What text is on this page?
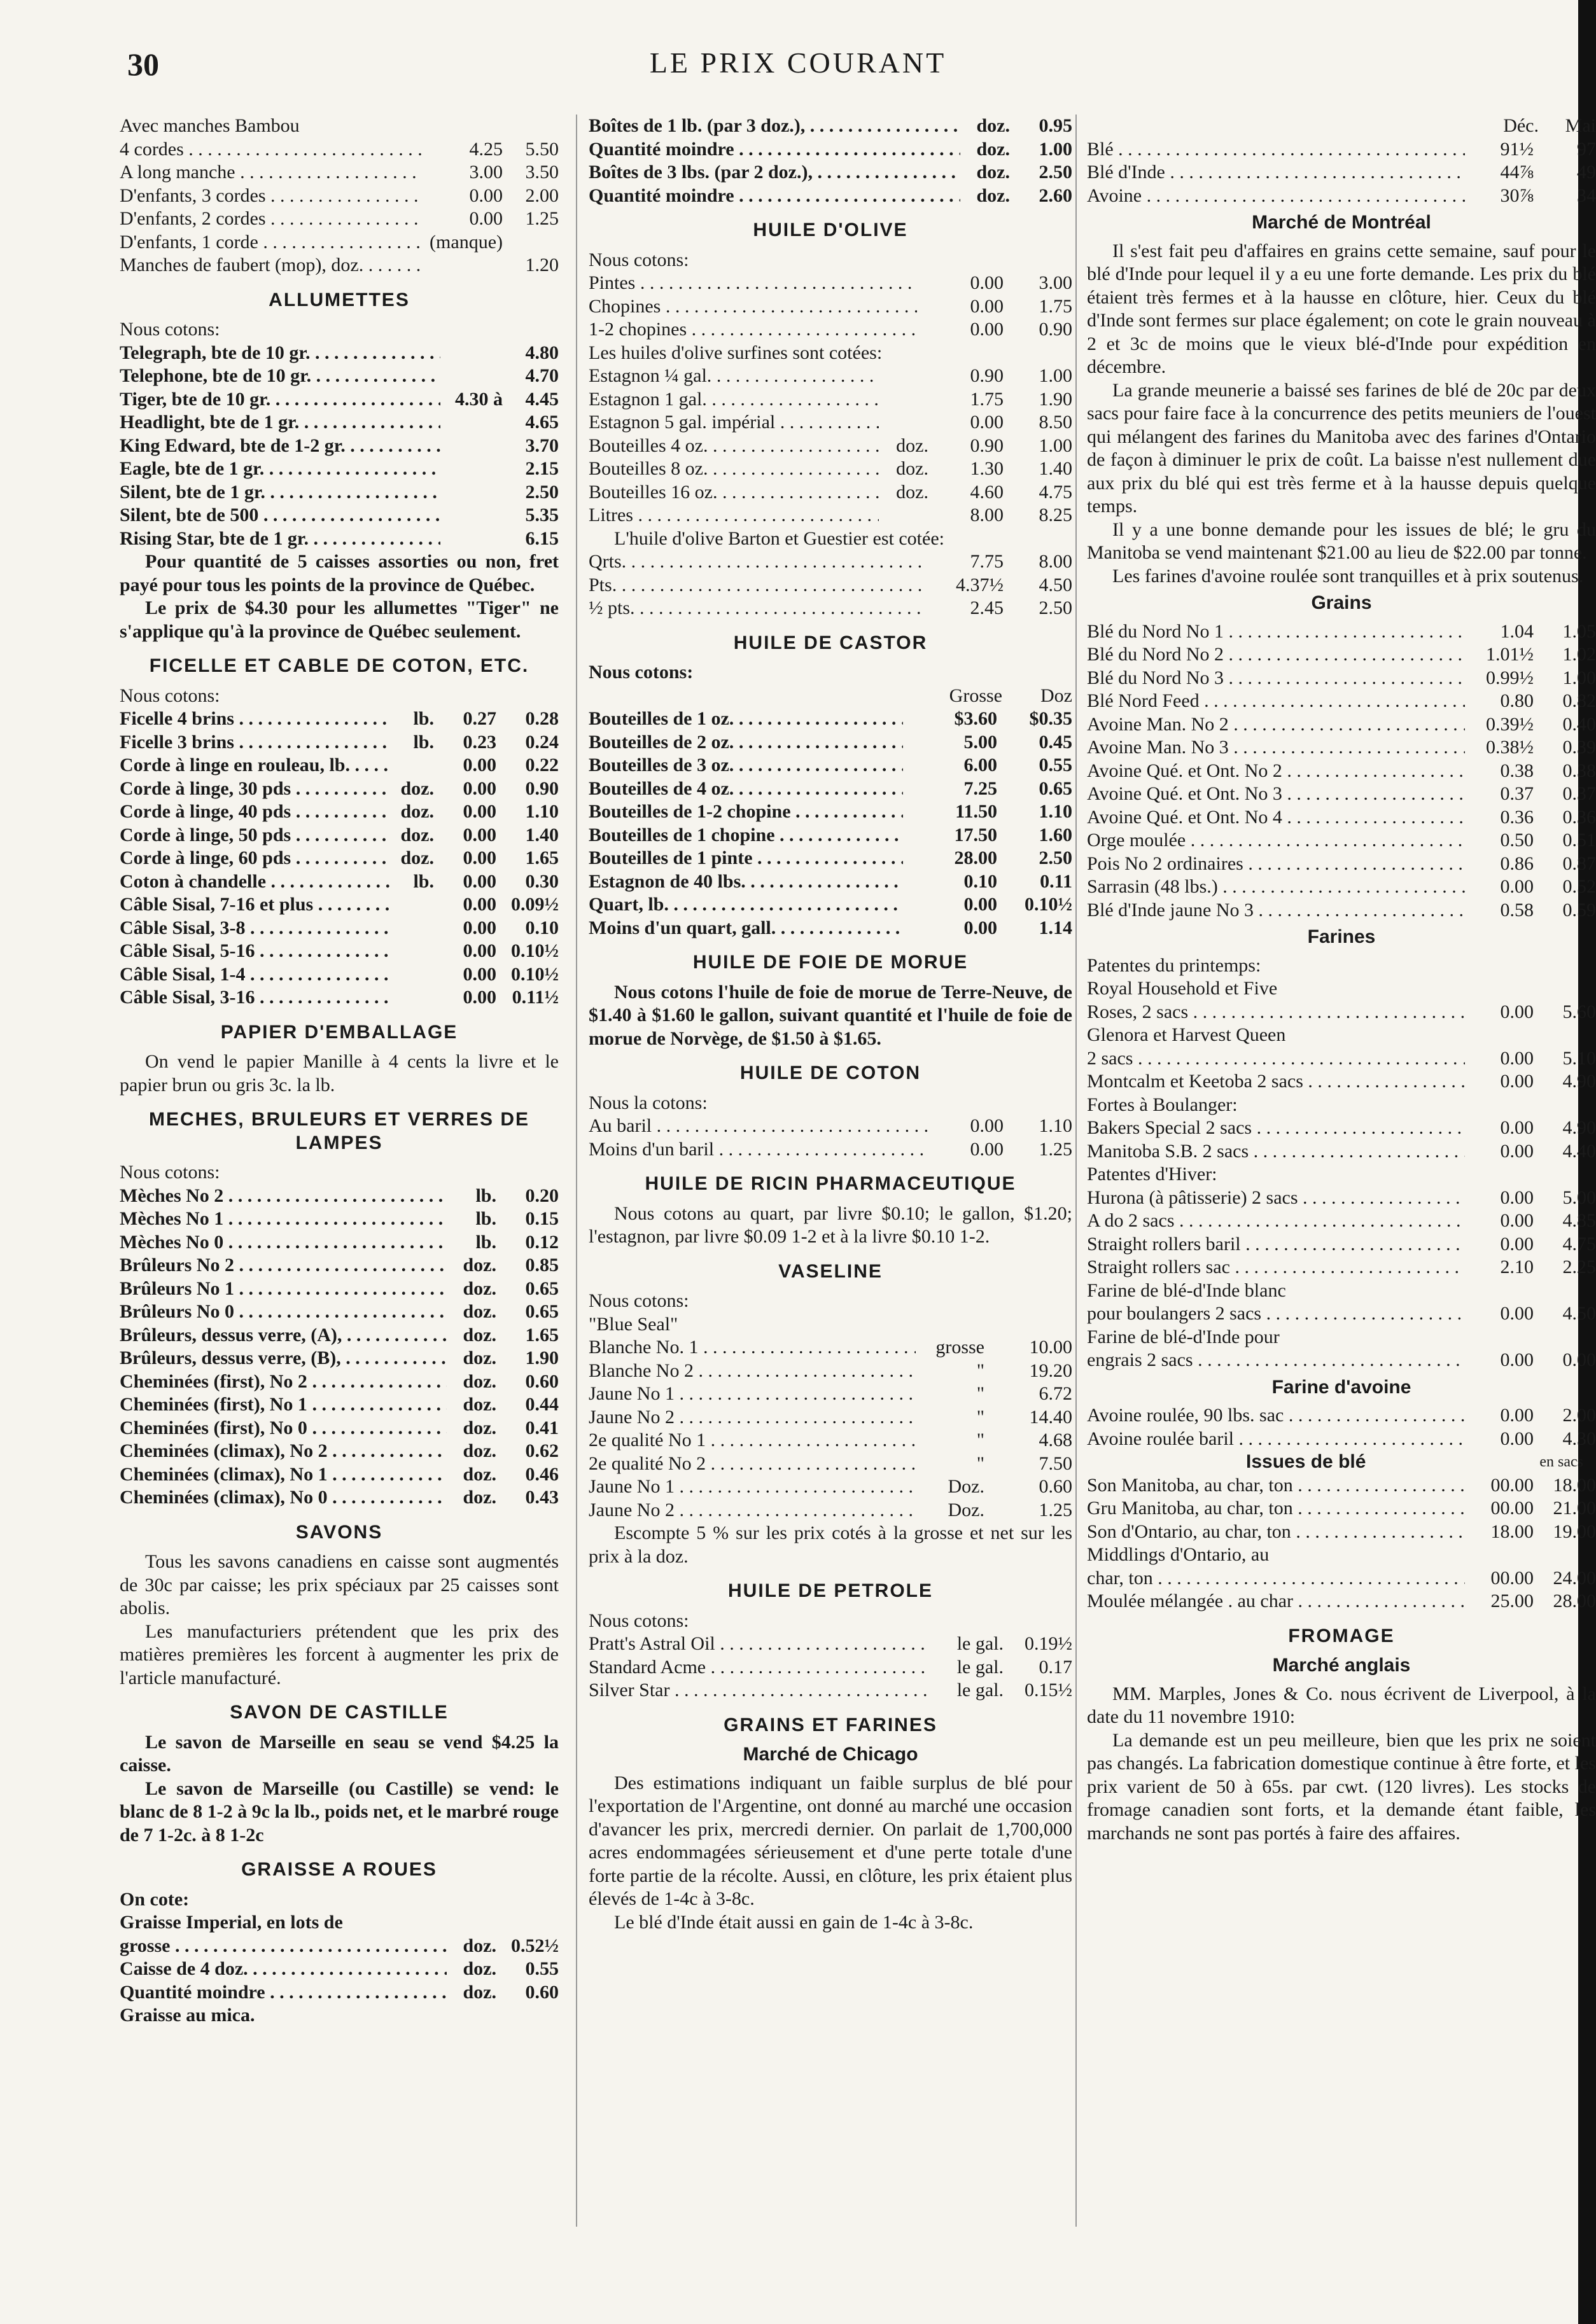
30	LE PRIX COURANT
Avec manches Bambou
4 cordes . . .	4.25	5.50
A long manche . . .	3.00	3.50
D'enfants, 3 cordes . . .	0.00	2.00
D'enfants, 2 cordes . . .	0.00	1.25
D'enfants, 1 corde . . .	(manque)
Manches de faubert (mop), doz. . . .	1.20
ALLUMETTES
Nous cotons:
Telegraph, bte de 10 gr. . . .	4.80
Telephone, bte de 10 gr. . . .	4.70
Tiger, bte de 10 gr. . . .	4.30 à	4.45
Headlight, bte de 1 gr. . . .	4.65
King Edward, bte de 1-2 gr. . . .	3.70
Eagle, bte de 1 gr. . . .	2.15
Silent, bte de 1 gr. . . .	2.50
Silent, bte de 500 . . .	5.35
Rising Star, bte de 1 gr. . . .	6.15
Pour quantité de 5 caisses assorties ou non, fret payé pour tous les points de la province de Québec.
Le prix de $4.30 pour les allumettes "Tiger" ne s'applique qu'à la province de Québec seulement.
FICELLE ET CABLE DE COTON, ETC.
Nous cotons:
Ficelle 4 brins . . .	lb.	0.27	0.28
Ficelle 3 brins . . .	lb.	0.23	0.24
Corde à linge en rouleau, lb. . . .	0.00	0.22
Corde à linge, 30 pds . . .	doz.	0.00	0.90
Corde à linge, 40 pds . . .	doz.	0.00	1.10
Corde à linge, 50 pds . . .	doz.	0.00	1.40
Corde à linge, 60 pds . . .	doz.	0.00	1.65
Coton à chandelle . . .	lb.	0.00	0.30
Câble Sisal, 7-16 et plus . . .	0.00 0.09½
Câble Sisal, 3-8 . . .	0.00	0.10
Câble Sisal, 5-16 . . .	0.00 0.10½
Câble Sisal, 1-4 . . .	0.00 0.10½
Câble Sisal, 3-16 . . .	0.00 0.11½
PAPIER D'EMBALLAGE
On vend le papier Manille à 4 cents la livre et le papier brun ou gris 3c. la lb.
MECHES, BRULEURS ET VERRES DE LAMPES
Nous cotons:
Mèches No 2 . . .	lb.	0.20
Mèches No 1 . . .	lb.	0.15
Mèches No 0 . . .	lb.	0.12
Brûleurs No 2 . . .	doz.	0.85
Brûleurs No 1 . . .	doz.	0.65
Brûleurs No 0 . . .	doz.	0.65
Brûleurs, dessus verre, (A), . . .	doz.	1.65
Brûleurs, dessus verre, (B), . . .	doz.	1.90
Cheminées (first), No 2 . . .	doz.	0.60
Cheminées (first), No 1 . . .	doz.	0.44
Cheminées (first), No 0 . . .	doz.	0.41
Cheminées (climax), No 2 . . .	doz.	0.62
Cheminées (climax), No 1 . . .	doz.	0.46
Cheminées (climax), No 0 . . .	doz.	0.43
SAVONS
Tous les savons canadiens en caisse sont augmentés de 30c par caisse; les prix spéciaux par 25 caisses sont abolis.
Les manufacturiers prétendent que les prix des matières premières les forcent à augmenter les prix de l'article manufacturé.
SAVON DE CASTILLE
Le savon de Marseille en seau se vend $4.25 la caisse.
Le savon de Marseille (ou Castille) se vend: le blanc de 8 1-2 à 9c la lb., poids net, et le marbré rouge de 7 1-2c. à 8 1-2c
GRAISSE A ROUES
On cote:
Graisse Imperial, en lots de
grosse . . .	doz. 0.52½
Caisse de 4 doz. . . .	doz.	0.55
Quantité moindre . . .	doz.	0.60
Graisse au mica.
Boîtes de 1 lb. (par 3 doz.), . . .	doz.	0.95
Quantité moindre . . .	doz.	1.00
Boîtes de 3 lbs. (par 2 doz.), . . .	doz.	2.50
Quantité moindre . . .	doz.	2.60
HUILE D'OLIVE
Nous cotons:
Pintes . . .	0.00	3.00
Chopines . . .	0.00	1.75
1-2 chopines . . .	0.00	0.90
Les huiles d'olive surfines sont cotées:
Estagnon ¼ gal. . . .	0.90	1.00
Estagnon 1 gal. . . .	1.75	1.90
Estagnon 5 gal. impérial . . .	0.00	8.50
Bouteilles 4 oz. . . .	doz.	0.90	1.00
Bouteilles 8 oz. . . .	doz.	1.30	1.40
Bouteilles 16 oz. . . .	doz.	4.60	4.75
Litres . . .	8.00	8.25
L'huile d'olive Barton et Guestier est cotée:
Qrts. . . .	7.75	8.00
Pts. . . .	4.37½	4.50
½ pts. . . .	2.45	2.50
HUILE DE CASTOR
Nous cotons:
Grosse	Doz
Bouteilles de 1 oz. . . .	$3.60	$0.35
Bouteilles de 2 oz. . . .	5.00	0.45
Bouteilles de 3 oz. . . .	6.00	0.55
Bouteilles de 4 oz. . . .	7.25	0.65
Bouteilles de 1-2 chopine . . .	11.50	1.10
Bouteilles de 1 chopine . . .	17.50	1.60
Bouteilles de 1 pinte . . .	28.00	2.50
Estagnon de 40 lbs. . . .	0.10	0.11
Quart, lb. . . .	0.00	0.10½
Moins d'un quart, gall. . . .	0.00	1.14
HUILE DE FOIE DE MORUE
Nous cotons l'huile de foie de morue de Terre-Neuve, de $1.40 à $1.60 le gallon, suivant quantité et l'huile de foie de morue de Norvège, de $1.50 à $1.65.
HUILE DE COTON
Nous la cotons:
Au baril . . .	0.00	1.10
Moins d'un baril . . .	0.00	1.25
HUILE DE RICIN PHARMACEUTIQUE
Nous cotons au quart, par livre $0.10; le gallon, $1.20; l'estagnon, par livre $0.09 1-2 et à la livre $0.10 1-2.
VASELINE
Nous cotons:
"Blue Seal"
Blanche No. 1 . . .	grosse	10.00
Blanche No 2 . . .	"	19.20
Jaune No 1 . . .	"	6.72
Jaune No 2 . . .	"	14.40
2e qualité No 1 . . .	"	4.68
2e qualité No 2 . . .	"	7.50
Jaune No 1 . . .	Doz.	0.60
Jaune No 2 . . .	Doz.	1.25
Escompte 5 % sur les prix cotés à la grosse et net sur les prix à la doz.
HUILE DE PETROLE
Nous cotons:
Pratt's Astral Oil . . .	le gal.	0.19½
Standard Acme . . .	le gal.	0.17
Silver Star . . .	le gal.	0.15½
GRAINS ET FARINES
Marché de Chicago
Des estimations indiquant un faible surplus de blé pour l'exportation de l'Argentine, ont donné au marché une occasion d'avancer les prix, mercredi dernier. On parlait de 1,700,000 acres endommagées sérieusement et d'une perte totale d'une forte partie de la récolte. Aussi, en clôture, les prix étaient plus élevés de 1-4c à 3-8c.
Le blé d'Inde était aussi en gain de 1-4c à 3-8c.
Déc.	Mai
Blé . . .	91½	97
Blé d'Inde . . .	44⅞	49
Avoine . . .	30⅞	34
Marché de Montréal
Il s'est fait peu d'affaires en grains cette semaine, sauf pour le blé d'Inde pour lequel il y a eu une forte demande. Les prix du blé étaient très fermes et à la hausse en clôture, hier. Ceux du blé d'Inde sont fermes sur place également; on cote le grain nouveau à 2 et 3c de moins que le vieux blé-d'Inde pour expédition en décembre.
La grande meunerie a baissé ses farines de blé de 20c par deux sacs pour faire face à la concurrence des petits meuniers de l'ouest qui mélangent des farines du Manitoba avec des farines d'Ontario de façon à diminuer le prix de coût. La baisse n'est nullement due aux prix du blé qui est très ferme et à la hausse depuis quelque temps.
Il y a une bonne demande pour les issues de blé; le gru du Manitoba se vend maintenant $21.00 au lieu de $22.00 par tonne.
Les farines d'avoine roulée sont tranquilles et à prix soutenus.
Grains
Blé du Nord No 1 . . .	1.04	1.05
Blé du Nord No 2 . . .	1.01½	1.02
Blé du Nord No 3 . . .	0.99½	1.00
Blé Nord Feed . . .	0.80	0.82
Avoine Man. No 2 . . .	0.39½	0.40
Avoine Man. No 3 . . .	0.38½	0.39
Avoine Qué. et Ont. No 2 . . .	0.38	0.38
Avoine Qué. et Ont. No 3 . . .	0.37	0.37
Avoine Qué. et Ont. No 4 . . .	0.36	0.36
Orge moulée . . .	0.50	0.51
Pois No 2 ordinaires . . .	0.86	0.87
Sarrasin (48 lbs.) . . .	0.00	0.52
Blé d'Inde jaune No 3 . . .	0.58	0.59
Farines
Patentes du printemps:
Royal Household et Five
Roses, 2 sacs . . .	0.00	5.60
Glenora et Harvest Queen
2 sacs . . .	0.00	5.10
Montcalm et Keetoba 2 sacs . . .	0.00	4.90
Fortes à Boulanger:
Bakers Special 2 sacs . . .	0.00	4.90
Manitoba S.B. 2 sacs . . .	0.00	4.40
Patentes d'Hiver:
Hurona (à pâtisserie) 2 sacs . . .	0.00	5.00
A do 2 sacs . . .	0.00	4.85
Straight rollers baril . . .	0.00	4.75
Straight rollers sac . . .	2.10	2.25
Farine de blé-d'Inde blanc
pour boulangers 2 sacs . . .	0.00	4.50
Farine de blé-d'Inde pour
engrais 2 sacs . . .	0.00	0.00
Farine d'avoine
Avoine roulée, 90 lbs. sac . . .	0.00	2.00
Avoine roulée baril . . .	0.00	4.30
Issues de blé	en sacs
Son Manitoba, au char, ton . . .	00.00	18.00
Gru Manitoba, au char, ton . . .	00.00	21.00
Son d'Ontario, au char, ton . . .	18.00	19.00
Middlings d'Ontario, au
char, ton . . .	00.00	24.00
Moulée mélangée . au char . . .	25.00	28.00
FROMAGE
Marché anglais
MM. Marples, Jones & Co. nous écrivent de Liverpool, à la date du 11 novembre 1910:
La demande est un peu meilleure, bien que les prix ne soient pas changés. La fabrication domestique continue à être forte, et les prix varient de 50 à 65s. par cwt. (120 livres). Les stocks de fromage canadien sont forts, et la demande étant faible, les marchands ne sont pas portés à faire des affaires.
